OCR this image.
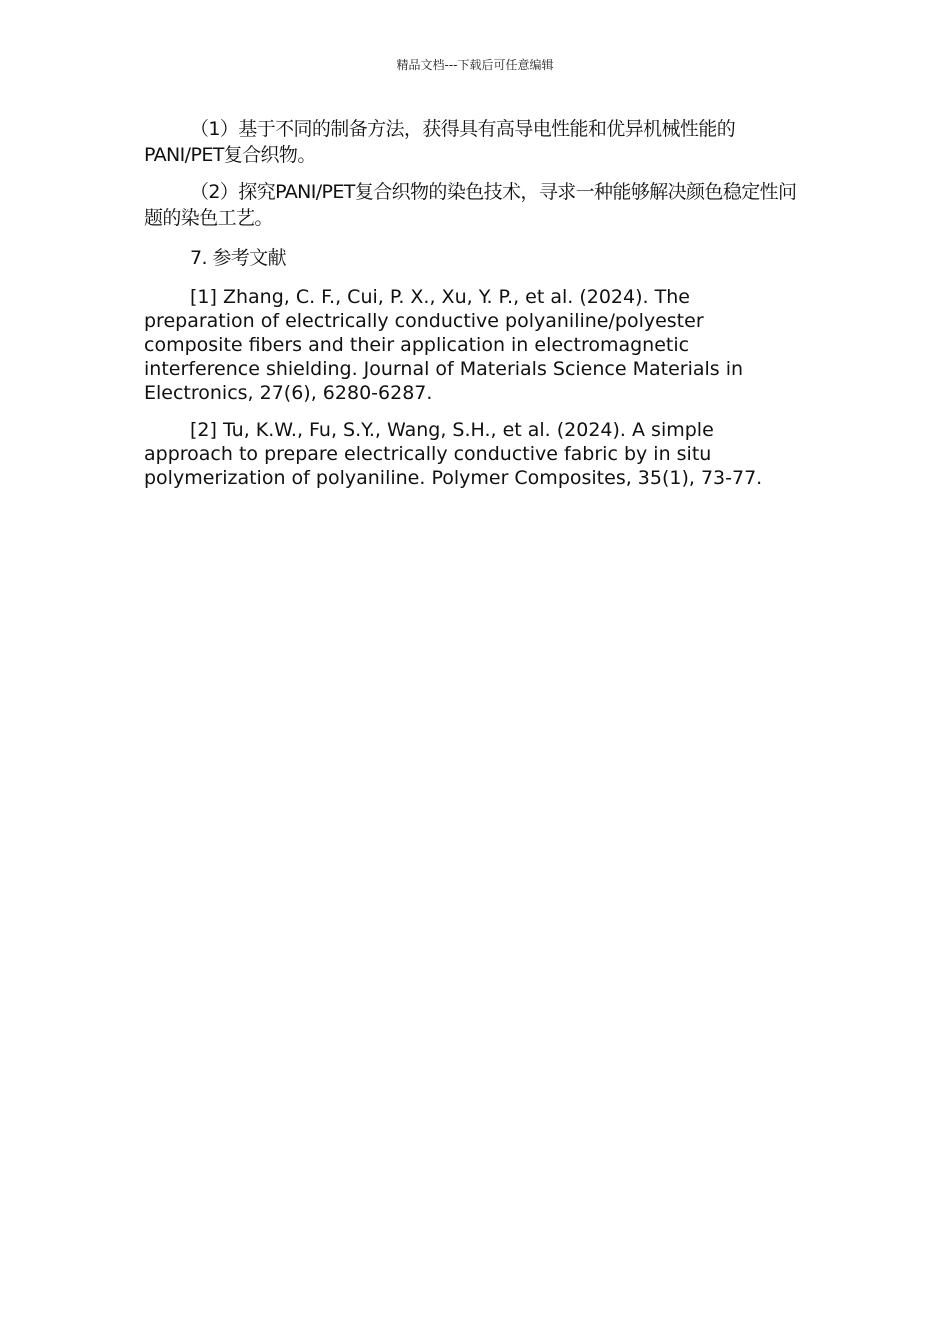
精品文档---下载后可任意编辑

（1）基于不同的制备方法，获得具有高导电性能和优异机械性能的PANI/PET复合织物。

（2）探究PANI/PET复合织物的染色技术，寻求一种能够解决颜色稳定性问题的染色工艺。

7. 参考文献

[1] Zhang, C. F., Cui, P. X., Xu, Y. P., et al. (2024). The preparation of electrically conductive polyaniline/polyester composite fibers and their application in electromagnetic interference shielding. Journal of Materials Science Materials in Electronics, 27(6), 6280-6287.

[2] Tu, K.W., Fu, S.Y., Wang, S.H., et al. (2024). A simple approach to prepare electrically conductive fabric by in situ polymerization of polyaniline. Polymer Composites, 35(1), 73-77.
